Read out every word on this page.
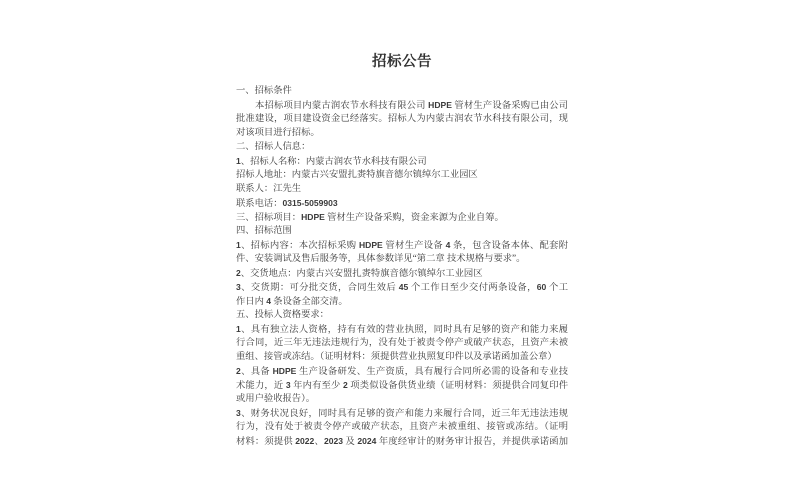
招标公告
一、招标条件
本招标项目内蒙古润农节水科技有限公司 HDPE 管材生产设备采购已由公司
批准建设，项目建设资金已经落实。招标人为内蒙古润农节水科技有限公司，现
对该项目进行招标。
二、招标人信息：
1、招标人名称：内蒙古润农节水科技有限公司
招标人地址：内蒙古兴安盟扎赉特旗音德尔镇绰尔工业园区
联系人：江先生
联系电话：0315-5059903
三、招标项目：HDPE 管材生产设备采购，资金来源为企业自筹。
四、招标范围
1、招标内容：本次招标采购 HDPE 管材生产设备 4 条，包含设备本体、配套附
件、安装调试及售后服务等，具体参数详见“第二章 技术规格与要求”。
2、交货地点：内蒙古兴安盟扎赉特旗音德尔镇绰尔工业园区
3、交货期：可分批交货，合同生效后 45 个工作日至少交付两条设备，60 个工
作日内 4 条设备全部交清。
五、投标人资格要求：
1、具有独立法人资格，持有有效的营业执照，同时具有足够的资产和能力来履
行合同，近三年无违法违规行为，没有处于被责令停产或破产状态，且资产未被
重组、接管或冻结。（证明材料：须提供营业执照复印件以及承诺函加盖公章）
2、具备 HDPE 生产设备研发、生产资质，具有履行合同所必需的设备和专业技
术能力，近 3 年内有至少 2 项类似设备供货业绩（证明材料：须提供合同复印件
或用户验收报告）。
3、财务状况良好，同时具有足够的资产和能力来履行合同，近三年无违法违规
行为，没有处于被责令停产或破产状态，且资产未被重组、接管或冻结。（证明
材料：须提供 2022、2023 及 2024 年度经审计的财务审计报告，并提供承诺函加
